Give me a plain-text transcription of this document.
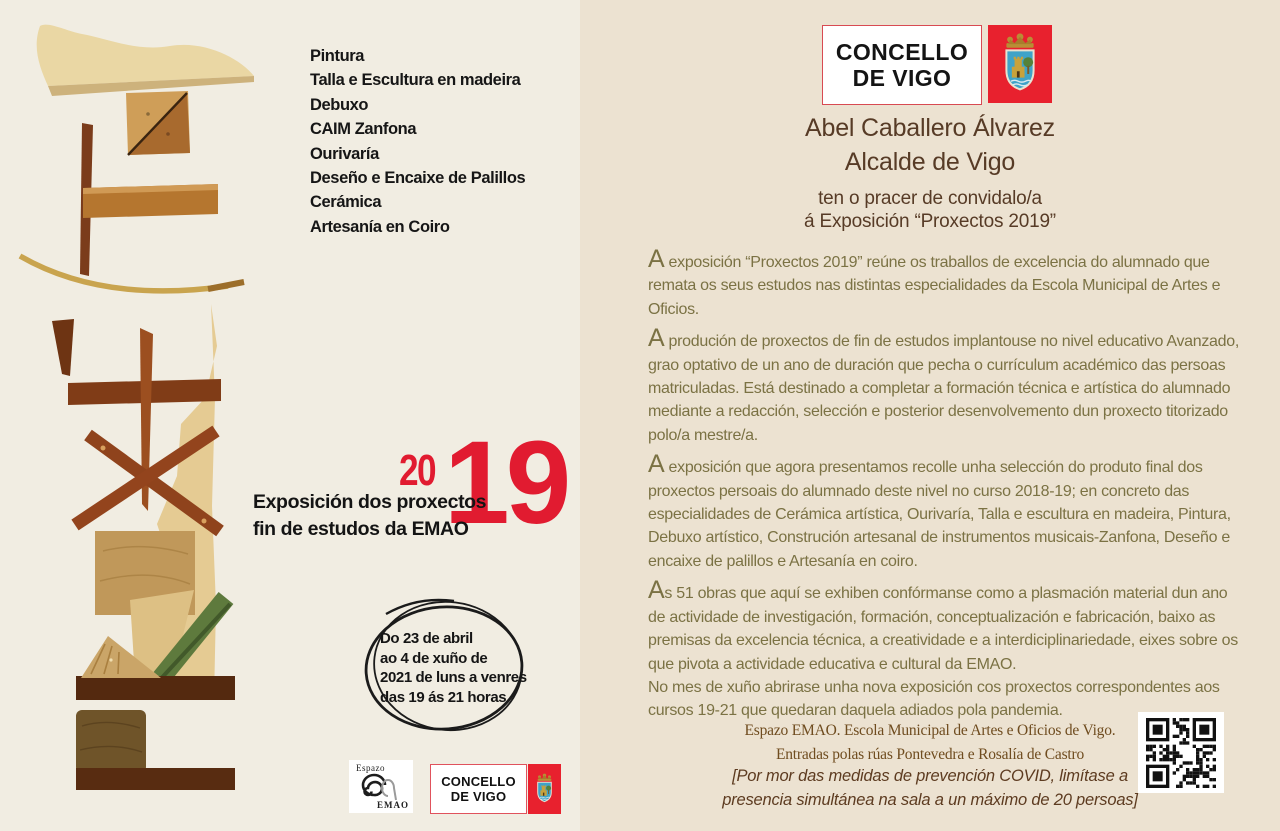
Pintura
Talla e Escultura en madeira
Debuxo
CAIM Zanfona
Ourivaría
Deseño e Encaixe de Palillos
Cerámica
Artesanía en Coiro
20 19
Exposición dos proxectos
fin de estudos da EMAO
Do 23 de abril
ao 4 de xuño de
2021 de luns a venres
das 19 ás 21 horas
Espazo
EMAO
CONCELLO
DE VIGO
CONCELLO
DE VIGO
Abel Caballero Álvarez
Alcalde de Vigo
ten o pracer de convidalo/a
á Exposición “Proxectos 2019”

A exposición “Proxectos 2019” reúne os traballos de excelencia do alumnado que remata os seus estudos nas distintas especialidades da Escola Municipal de Artes e Oficios.

A produción de proxectos de fin de estudos implantouse no nivel educativo Avanzado, grao optativo de un ano de duración que pecha o currículum académico das persoas matriculadas. Está destinado a completar a formación técnica e artística do alumnado mediante a redacción, selección e posterior desenvolvemento dun proxecto titorizado polo/a mestre/a.

A exposición que agora presentamos recolle unha selección do produto final dos proxectos persoais do alumnado deste nivel no curso 2018-19; en concreto das especialidades de Cerámica artística, Ourivaría, Talla e escultura en madeira, Pintura, Debuxo artístico, Construción artesanal de instrumentos musicais-Zanfona, Deseño e encaixe de palillos e Artesanía en coiro.

As 51 obras que aquí se exhiben confórmanse como a plasmación material dun ano de actividade de investigación, formación, conceptualización e fabricación, baixo as premisas da excelencia técnica, a creatividade e a interdiciplinariedade, eixes sobre os que pivota a actividade educativa e cultural da EMAO.

No mes de xuño abrirase unha nova exposición cos proxectos correspondentes aos cursos 19-21 que quedaran daquela adiados pola pandemia.

Espazo EMAO. Escola Municipal de Artes e Oficios de Vigo.
Entradas polas rúas Pontevedra e Rosalía de Castro
[Por mor das medidas de prevención COVID, limítase a
presencia simultánea na sala a un máximo de 20 persoas]
